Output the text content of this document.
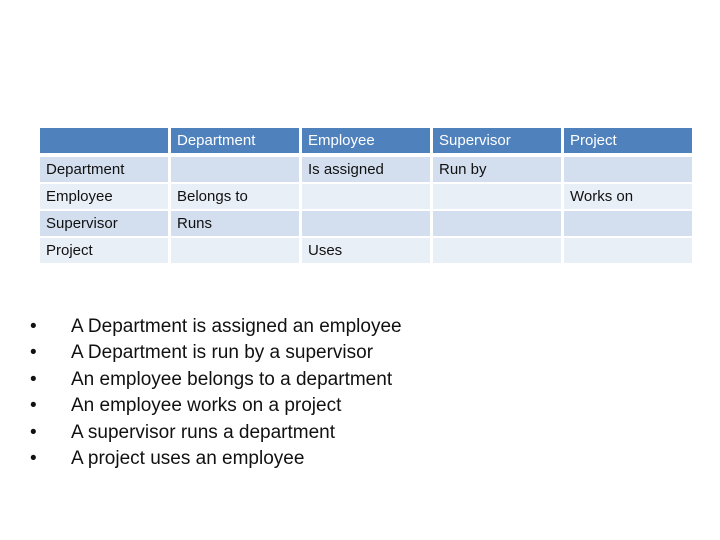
	Department	Employee	Supervisor	Project
Department		Is assigned	Run by	
Employee	Belongs to			Works on
Supervisor	Runs			
Project		Uses		
• A Department is assigned an employee
• A Department is run by a supervisor
• An employee belongs to a department
• An employee works on a project
• A supervisor runs a department
• A project uses an employee
